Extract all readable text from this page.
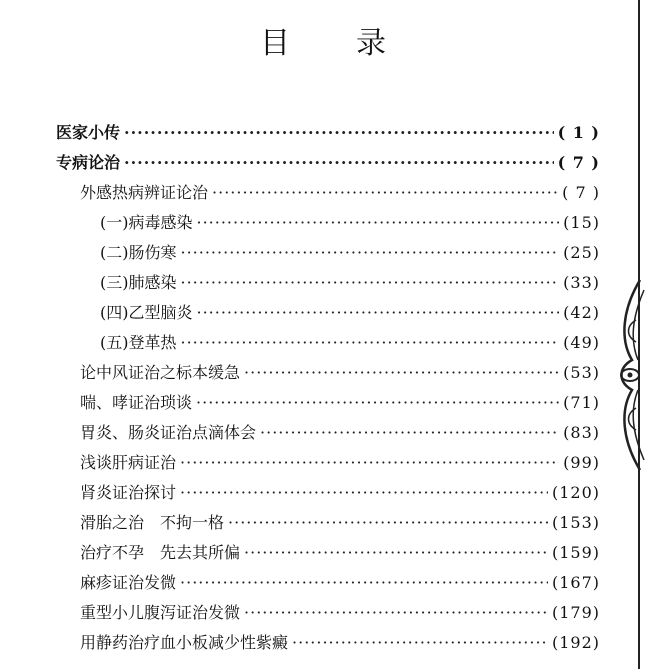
目 录
医家小传 ·····	( 1 )
专病论治 ·····	( 7 )
外感热病辨证论治 ·····	( 7 )
(一)病毒感染 ·····	(15)
(二)肠伤寒 ·····	(25)
(三)肺感染 ·····	(33)
(四)乙型脑炎 ·····	(42)
(五)登革热 ·····	(49)
论中风证治之标本缓急 ·····	(53)
喘、哮证治琐谈 ·····	(71)
胃炎、肠炎证治点滴体会 ·····	(83)
浅谈肝病证治 ·····	(99)
肾炎证治探讨 ·····	(120)
滑胎之治　不拘一格 ·····	(153)
治疗不孕　先去其所偏 ·····	(159)
麻疹证治发微 ·····	(167)
重型小儿腹泻证治发微 ·····	(179)
用静药治疗血小板减少性紫癜 ·····	(192)
